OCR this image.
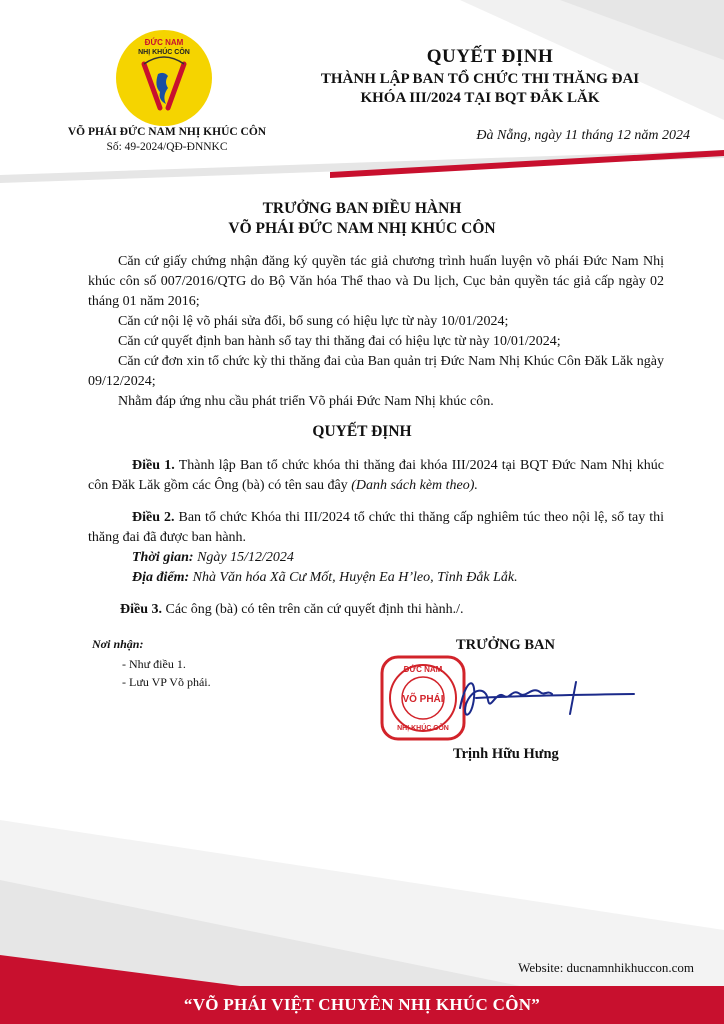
ĐỨC NAM
NHỊ KHÚC CÔN
VÕ PHÁI ĐỨC NAM NHỊ KHÚC CÔN
Số: 49-2024/QĐ-ĐNNKC
QUYẾT ĐỊNH
THÀNH LẬP BAN TỔ CHỨC THI THĂNG ĐAI
KHÓA III/2024 TẠI BQT ĐẮK LĂK
Đà Nẵng, ngày 11 tháng 12 năm 2024
TRƯỞNG BAN ĐIỀU HÀNH
VÕ PHÁI ĐỨC NAM NHỊ KHÚC CÔN

Căn cứ giấy chứng nhận đăng ký quyền tác giả chương trình huấn luyện võ phái Đức Nam Nhị khúc côn số 007/2016/QTG do Bộ Văn hóa Thể thao và Du lịch, Cục bản quyền tác giả cấp ngày 02 tháng 01 năm 2016;

Căn cứ nội lệ võ phái sửa đổi, bổ sung có hiệu lực từ này 10/01/2024;

Căn cứ quyết định ban hành sổ tay thi thăng đai có hiệu lực từ này 10/01/2024;

Căn cứ đơn xin tổ chức kỳ thi thăng đai của Ban quản trị Đức Nam Nhị Khúc Côn Đăk Lăk ngày 09/12/2024;

Nhằm đáp ứng nhu cầu phát triển Võ phái Đức Nam Nhị khúc côn.

QUYẾT ĐỊNH

Điều 1. Thành lập Ban tổ chức khóa thi thăng đai khóa III/2024 tại BQT Đức Nam Nhị khúc côn Đăk Lăk gồm các Ông (bà) có tên sau đây (Danh sách kèm theo).

Điều 2. Ban tổ chức Khóa thi III/2024 tổ chức thi thăng cấp nghiêm túc theo nội lệ, sổ tay thi thăng đai đã được ban hành.

Thời gian: Ngày 15/12/2024

Địa điểm: Nhà Văn hóa Xã Cư Mốt, Huyện Ea H’leo, Tỉnh Đắk Lắk.

Điều 3. Các ông (bà) có tên trên căn cứ quyết định thi hành./.

Nơi nhận:
- Như điều 1.
- Lưu VP Võ phái.
TRƯỞNG BAN
ĐỨC NAM
VÕ PHÁI
NHỊ KHÚC CÔN
Trịnh Hữu Hưng
Website: ducnamnhikhuccon.com
“VÕ PHÁI VIỆT CHUYÊN NHỊ KHÚC CÔN”
